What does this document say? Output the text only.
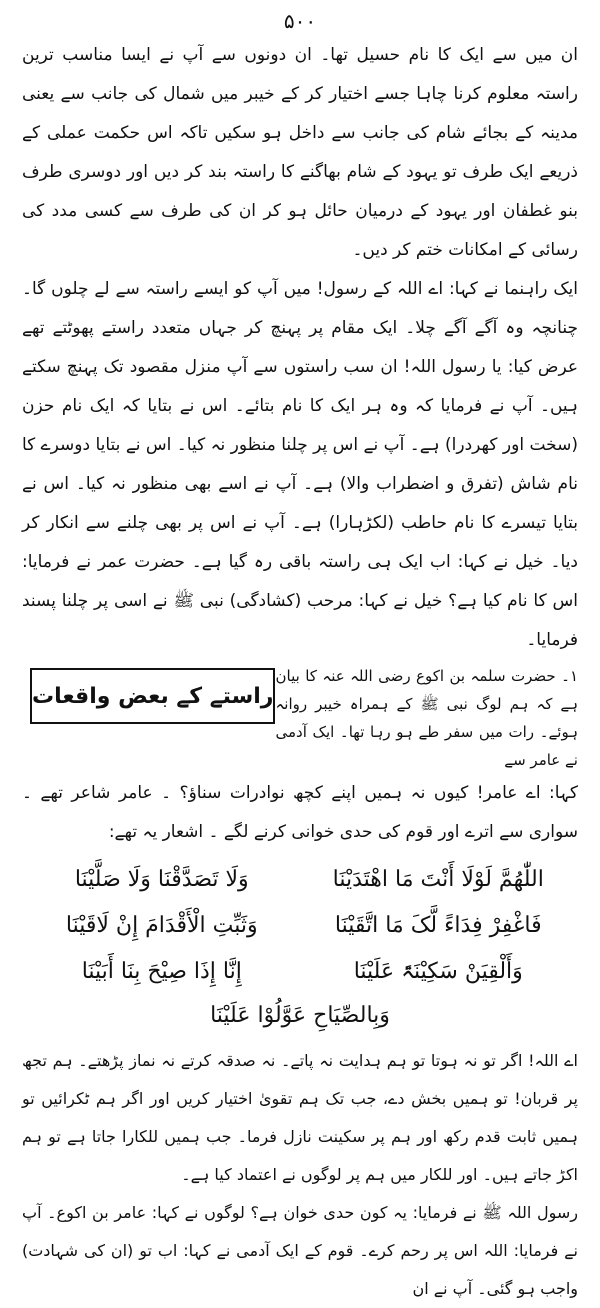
۵۰۰

ان میں سے ایک کا نام حسیل تھا۔ ان دونوں سے آپ نے ایسا مناسب ترین راستہ معلوم کرنا چاہا جسے اختیار کر کے خیبر میں شمال کی جانب سے یعنی مدینہ کے بجائے شام کی جانب سے داخل ہو سکیں تاکہ اس حکمت عملی کے ذریعے ایک طرف تو یہود کے شام بھاگنے کا راستہ بند کر دیں اور دوسری طرف بنو غطفان اور یہود کے درمیان حائل ہو کر ان کی طرف سے کسی مدد کی رسائی کے امکانات ختم کر دیں۔

ایک راہنما نے کہا: اے اللہ کے رسول! میں آپ کو ایسے راستہ سے لے چلوں گا۔ چنانچہ وہ آگے آگے چلا۔ ایک مقام پر پہنچ کر جہاں متعدد راستے پھوٹتے تھے عرض کیا: یا رسول اللہ! ان سب راستوں سے آپ منزل مقصود تک پہنچ سکتے ہیں۔ آپ نے فرمایا کہ وہ ہر ایک کا نام بتائے۔ اس نے بتایا کہ ایک نام حزن (سخت اور کھردرا) ہے۔ آپ نے اس پر چلنا منظور نہ کیا۔ اس نے بتایا دوسرے کا نام شاش (تفرق و اضطراب والا) ہے۔ آپ نے اسے بھی منظور نہ کیا۔ اس نے بتایا تیسرے کا نام حاطب (لکڑہارا) ہے۔ آپ نے اس پر بھی چلنے سے انکار کر دیا۔ خیل نے کہا: اب ایک ہی راستہ باقی رہ گیا ہے۔ حضرت عمر نے فرمایا: اس کا نام کیا ہے؟ خیل نے کہا: مرحب (کشادگی) نبی ﷺ نے اسی پر چلنا پسند فرمایا۔

۱۔ حضرت سلمہ بن اکوع رضی اللہ عنہ کا بیان ہے کہ ہم لوگ نبی ﷺ کے ہمراہ خیبر روانہ ہوئے۔ رات میں سفر طے ہو رہا تھا۔ ایک آدمی نے عامر سے
راستے کے بعض واقعات

کہا: اے عامر! کیوں نہ ہمیں اپنے کچھ نوادرات سناؤ؟ ۔ عامر شاعر تھے ۔ سواری سے اترے اور قوم کی حدی خوانی کرنے لگے ۔ اشعار یہ تھے:

اللّٰھُمَّ لَوْلَا أَنْتَ مَا اھْتَدَیْنَا
وَلَا تَصَدَّقْنَا وَلَا صَلَّیْنَا
فَاغْفِرْ فِدَاءً لَّکَ مَا اتَّقَیْنَا
وَثَبِّتِ الْأَقْدَامَ إِنْ لَاقَیْنَا
وَأَلْقِیَنْ سَکِیْنَۃً عَلَیْنَا
إِنَّا إِذَا صِیْحَ بِنَا أَبَیْنَا
وَبِالصِّیَاحِ عَوَّلُوْا عَلَیْنَا

اے اللہ! اگر تو نہ ہوتا تو ہم ہدایت نہ پاتے۔ نہ صدقہ کرتے نہ نماز پڑھتے۔ ہم تجھ پر قربان! تو ہمیں بخش دے، جب تک ہم تقویٰ اختیار کریں اور اگر ہم ٹکرائیں تو ہمیں ثابت قدم رکھ اور ہم پر سکینت نازل فرما۔ جب ہمیں للکارا جاتا ہے تو ہم اکڑ جاتے ہیں۔ اور للکار میں ہم پر لوگوں نے اعتماد کیا ہے۔

رسول اللہ ﷺ نے فرمایا: یہ کون حدی خوان ہے؟ لوگوں نے کہا: عامر بن اکوع۔ آپ نے فرمایا: اللہ اس پر رحم کرے۔ قوم کے ایک آدمی نے کہا: اب تو (ان کی شہادت) واجب ہو گئی۔ آپ نے ان
